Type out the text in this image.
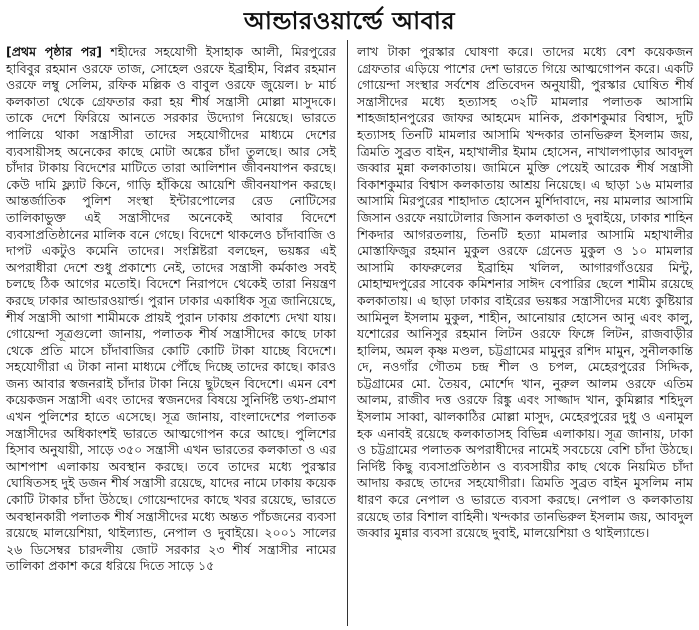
আন্ডারওয়ার্ল্ডে আবার
[প্রথম পৃষ্ঠার পর] শহীদের সহযোগী ইসাহাক আলী, মিরপুরের হাবিবুর রহমান ওরফে তাজ, সোহেল ওরফে ইব্রাহীম, বিপ্লব রহমান ওরফে লম্বু সেলিম, রফিক মল্লিক ও বাবুল ওরফে জুয়েল। ৮ মার্চ কলকাতা থেকে গ্রেফতার করা হয় শীর্ষ সন্ত্রাসী মোল্লা মাসুদকে। তাকে দেশে ফিরিয়ে আনতে সরকার উদ্যোগ নিয়েছে। ভারতে পালিয়ে থাকা সন্ত্রাসীরা তাদের সহযোগীদের মাধ্যমে দেশের ব্যবসায়ীসহ অনেকের কাছে মোটা অঙ্কের চাঁদা তুলছে। আর সেই চাঁদার টাকায় বিদেশের মাটিতে তারা আলিশান জীবনযাপন করছে। কেউ দামি ফ্ল্যাট কিনে, গাড়ি হাঁকিয়ে আয়েশি জীবনযাপন করছে। আন্তর্জাতিক পুলিশ সংস্থা ইন্টারপোলের রেড নোটিসের তালিকাভুক্ত এই সন্ত্রাসীদের অনেকেই আবার বিদেশে ব্যবসাপ্রতিষ্ঠানের মালিক বনে গেছে। বিদেশে থাকলেও চাঁদাবাজি ও দাপট একটুও কমেনি তাদের। সংশ্লিষ্টরা বলছেন, ভয়ঙ্কর এই অপরাধীরা দেশে শুধু প্রকাশ্যে নেই, তাদের সন্ত্রাসী কর্মকাণ্ড সবই চলছে ঠিক আগের মতোই। বিদেশে নিরাপদে থেকেই তারা নিয়ন্ত্রণ করছে ঢাকার আন্ডারওয়ার্ল্ড। পুরান ঢাকার একাধিক সূত্র জানিয়েছে, শীর্ষ সন্ত্রাসী আগা শামীমকে প্রায়ই পুরান ঢাকায় প্রকাশ্যে দেখা যায়। গোয়েন্দা সূত্রগুলো জানায়, পলাতক শীর্ষ সন্ত্রাসীদের কাছে ঢাকা থেকে প্রতি মাসে চাঁদাবাজির কোটি কোটি টাকা যাচ্ছে বিদেশে। সহযোগীরা এ টাকা নানা মাধ্যমে পৌঁছে দিচ্ছে তাদের কাছে। কারও জন্য আবার স্বজনরাই চাঁদার টাকা নিয়ে ছুটছেন বিদেশে। এমন বেশ কয়েকজন সন্ত্রাসী এবং তাদের স্বজনদের বিষয়ে সুনির্দিষ্ট তথ্য-প্রমাণ এখন পুলিশের হাতে এসেছে। সূত্র জানায়, বাংলাদেশের পলাতক সন্ত্রাসীদের অধিকাংশই ভারতে আত্মগোপন করে আছে। পুলিশের হিসাব অনুযায়ী, সাড়ে ৩৫০ সন্ত্রাসী এখন ভারতের কলকাতা ও এর আশপাশ এলাকায় অবস্থান করছে। তবে তাদের মধ্যে পুরস্কার ঘোষিতসহ দুই ডজন শীর্ষ সন্ত্রাসী রয়েছে, যাদের নামে ঢাকায় কয়েক কোটি টাকার চাঁদা উঠছে। গোয়েন্দাদের কাছে খবর রয়েছে, ভারতে অবস্থানকারী পলাতক শীর্ষ সন্ত্রাসীদের মধ্যে অন্তত পাঁচজনের ব্যবসা রয়েছে মালয়েশিয়া, থাইল্যান্ড, নেপাল ও দুবাইয়ে। ২০০১ সালের ২৬ ডিসেম্বর চারদলীয় জোট সরকার ২৩ শীর্ষ সন্ত্রাসীর নামের তালিকা প্রকাশ করে ধরিয়ে দিতে সাড়ে ১৫
লাখ টাকা পুরস্কার ঘোষণা করে। তাদের মধ্যে বেশ কয়েকজন গ্রেফতার এড়িয়ে পাশের দেশ ভারতে গিয়ে আত্মগোপন করে। একটি গোয়েন্দা সংস্থার সর্বশেষ প্রতিবেদন অনুযায়ী, পুরস্কার ঘোষিত শীর্ষ সন্ত্রাসীদের মধ্যে হত্যাসহ ৩২টি মামলার পলাতক আসামি শাহজাহানপুরের জাফর আহমেদ মানিক, প্রকাশকুমার বিশ্বাস, দুটি হত্যাসহ তিনটি মামলার আসামি খন্দকার তানভিরুল ইসলাম জয়, ত্রিমতি সুব্রত বাইন, মহাখালীর ইমাম হোসেন, নাখালপাড়ার আবদুল জব্বার মুন্না কলকাতায়। জামিনে মুক্তি পেয়েই আরেক শীর্ষ সন্ত্রাসী বিকাশকুমার বিশ্বাস কলকাতায় আশ্রয় নিয়েছে। এ ছাড়া ১৬ মামলার আসামি মিরপুরের শাহাদাত হোসেন মুর্শিদাবাদে, নয় মামলার আসামি জিসান ওরফে নয়াটোলার জিসান কলকাতা ও দুবাইয়ে, ঢাকার শাহিন শিকদার আগরতলায়, তিনটি হত্যা মামলার আসামি মহাখালীর মোস্তাফিজুর রহমান মুকুল ওরফে গ্রেনেড মুকুল ও ১০ মামলার আসামি কাফরুলের ইব্রাহিম খলিল, আগারগাঁওয়ের মিন্টু, মোহাম্মদপুরের সাবেক কমিশনার সাঈদ বেপারির ছেলে শামীম রয়েছে কলকাতায়। এ ছাড়া ঢাকার বাইরের ভয়ঙ্কর সন্ত্রাসীদের মধ্যে কুষ্টিয়ার আমিনুল ইসলাম মুকুল, শাহীন, আনোয়ার হোসেন আনু এবং কালু, যশোরের আনিসুর রহমান লিটন ওরফে ফিঙ্গে লিটন, রাজবাড়ীর হালিম, অমল কৃষ্ণ মণ্ডল, চট্টগ্রামের মামুনুর রশিদ মামুন, সুনীলকান্তি দে, নওগাঁর গৌতম চন্দ্র শীল ও চপল, মেহেরপুরের সিদ্দিক, চট্টগ্রামের মো. তৈয়ব, মোর্শেদ খান, নুরুল আলম ওরফে এতিম আলম, রাজীব দত্ত ওরফে রিঙ্কু এবং সাজ্জাদ খান, কুমিল্লার শহিদুল ইসলাম সাব্বা, ঝালকাঠির মোল্লা মাসুদ, মেহেরপুরের দুধু ও এনামুল হক এনাবই রয়েছে কলকাতাসহ বিভিন্ন এলাকায়। সূত্র জানায়, ঢাকা ও চট্টগ্রামের পলাতক অপরাধীদের নামেই সবচেয়ে বেশি চাঁদা উঠছে। নির্দিষ্ট কিছু ব্যবসাপ্রতিষ্ঠান ও ব্যবসায়ীর কাছ থেকে নিয়মিত চাঁদা আদায় করছে তাদের সহযোগীরা। ত্রিমতি সুব্রত বাইন মুসলিম নাম ধারণ করে নেপাল ও ভারতে ব্যবসা করছে। নেপাল ও কলকাতায় রয়েছে তার বিশাল বাহিনী। খন্দকার তানভিরুল ইসলাম জয়, আবদুল জব্বার মুন্নার ব্যবসা রয়েছে দুবাই, মালয়েশিয়া ও থাইল্যান্ডে।
